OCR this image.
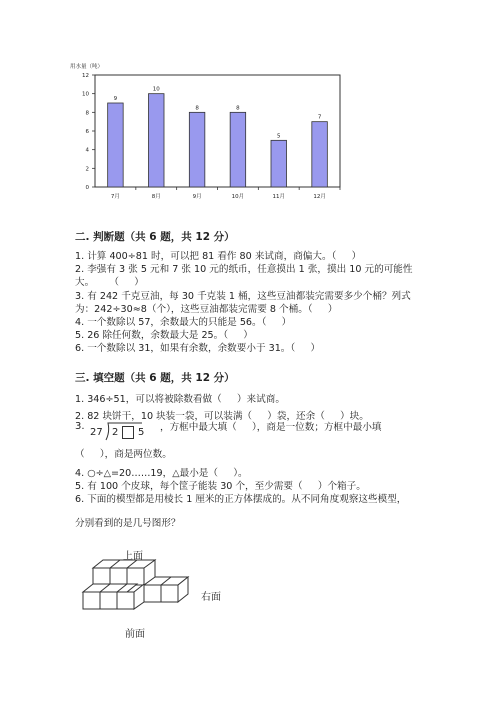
用水量（吨）
0
2
4
6
8
10
12
9
7月
10
8月
8
9月
8
10月
5
11月
7
12月
二. 判断题（共 6 题，共 12 分）
1. 计算 400÷81 时，可以把 81 看作 80 来试商，商偏大。（     ）
2. 李强有 3 张 5 元和 7 张 10 元的纸币，任意摸出 1 张，摸出 10 元的可能性
大。     （     ）
3. 有 242 千克豆油，每 30 千克装 1 桶，这些豆油都装完需要多少个桶？列式
为：242÷30≈8（个），这些豆油都装完需要 8 个桶。（     ）
4. 一个数除以 57，余数最大的只能是 56。（     ）
5. 26 除任何数，余数最大是 25。（     ）
6. 一个数除以 31，如果有余数，余数要小于 31。（     ）
三. 填空题（共 6 题，共 12 分）
1. 346÷51，可以将被除数看做（     ）来试商。
2. 82 块饼干，10 块装一袋，可以装满（     ）袋，还余（     ）块。
3.
27 2 5 ，方框中最大填（     ），商是一位数；方框中最小填
（     ），商是两位数。
4. ○÷△=20……19，△最小是（     ）。
5. 有 100 个皮球，每个筐子能装 30 个，至少需要（     ）个箱子。
6. 下面的模型都是用棱长 1 厘米的正方体摆成的。从不同角度观察这些模型，
分别看到的是几号图形？
上面
右面
前面
